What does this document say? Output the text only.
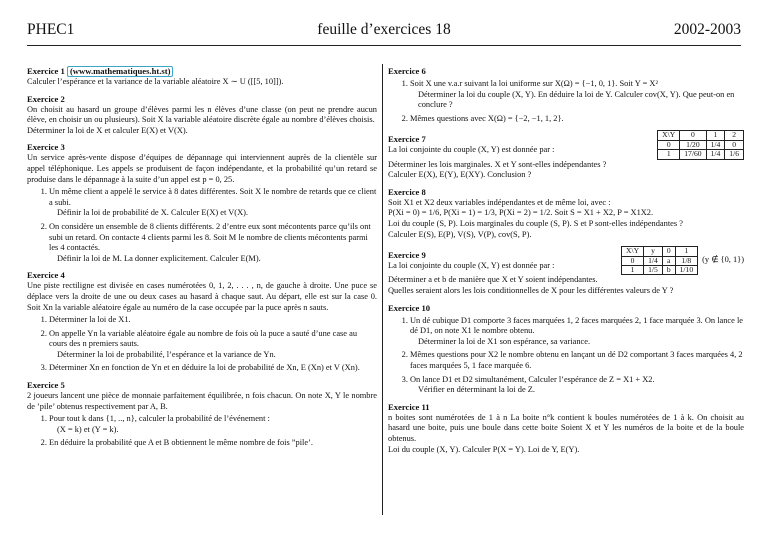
PHEC1	feuille d’exercices 18	2002-2003
Exercice 1 (www.mathematiques.ht.st)

Calculer l’espérance et la variance de la variable aléatoire X ∼ U ([[5, 10]]).

Exercice 2

On choisit au hasard un groupe d’élèves parmi les n élèves d’une classe (on peut ne prendre aucun élève, en choisir un ou plusieurs). Soit X la variable aléatoire discrète égale au nombre d’élèves choisis.

Déterminer la loi de X et calculer E(X) et V(X).

Exercice 3

Un service après-vente dispose d’équipes de dépannage qui interviennent auprès de la clientèle sur appel téléphonique. Les appels se produisent de façon indépendante, et la probabilité qu’un retard se produise dans le dépannage à la suite d’un appel est p = 0, 25.

1. Un même client a appelé le service à 8 dates différentes. Soit X le nombre de retards que ce client a subi.
Définir la loi de probabilité de X. Calculer E(X) et V(X).
2. On considère un ensemble de 8 clients différents. 2 d’entre eux sont mécontents parce qu’ils ont subi un retard. On contacte 4 clients parmi les 8. Soit M le nombre de clients mécontents parmi les 4 contactés.
Définir la loi de M. La donner explicitement. Calculer E(M).
Exercice 4

Une piste rectiligne est divisée en cases numérotées 0, 1, 2, . . . , n, de gauche à droite. Une puce se déplace vers la droite de une ou deux cases au hasard à chaque saut. Au départ, elle est sur la case 0. Soit Xn la variable aléatoire égale au numéro de la case occupée par la puce après n sauts.

1. Déterminer la loi de X1.
2. On appelle Yn la variable aléatoire égale au nombre de fois où la puce a sauté d’une case au cours des n premiers sauts.
Déterminer la loi de probabilité, l’espérance et la variance de Yn.
3. Déterminer Xn en fonction de Yn et en déduire la loi de probabilité de Xn, E (Xn) et V (Xn).
Exercice 5

2 joueurs lancent une pièce de monnaie parfaitement équilibrée, n fois chacun. On note X, Y le nombre de ’pile’ obtenus respectivement par A, B.

1. Pour tout k dans {1, .., n}, calculer la probabilité de l’événement :
(X = k) et (Y = k).
2. En déduire la probabilité que A et B obtiennent le même nombre de fois ”pile’.
Exercice 6
1. Soit X une v.a.r suivant la loi uniforme sur X(Ω) = {−1, 0, 1}. Soit Y = X²
Déterminer la loi du couple (X, Y). En déduire la loi de Y. Calculer cov(X, Y). Que peut-on en conclure ?
2. Mêmes questions avec X(Ω) = {−2, −1, 1, 2}.
Exercice 7

La loi conjointe du couple (X, Y) est donnée par :

X\Y	0	1	2
0	1/20	1/4	0
1	17/60	1/4	1/6

Déterminer les lois marginales. X et Y sont-elles indépendantes ?

Calculer E(X), E(Y), E(XY). Conclusion ?

Exercice 8

Soit X1 et X2 deux variables indépendantes et de même loi, avec :

P(Xi = 0) = 1/6, P(Xi = 1) = 1/3, P(Xi = 2) = 1/2. Soit S = X1 + X2, P = X1X2.

Loi du couple (S, P). Lois marginales du couple (S, P). S et P sont-elles indépendantes ?

Calculer E(S), E(P), V(S), V(P), cov(S, P).

Exercice 9

La loi conjointe du couple (X, Y) est donnée par :

X\Y	y	0	1
0	1/4	a	1/8
1	1/5	b	1/10
(y ∉ {0, 1})

Déterminer a et b de manière que X et Y soient indépendantes.

Quelles seraient alors les lois conditionnelles de X pour les différentes valeurs de Y ?

Exercice 10
1. Un dé cubique D1 comporte 3 faces marquées 1, 2 faces marquées 2, 1 face marquée 3. On lance le dé D1, on note X1 le nombre obtenu.
Déterminer la loi de X1 son espérance, sa variance.
2. Mêmes questions pour X2 le nombre obtenu en lançant un dé D2 comportant 3 faces marquées 4, 2 faces marquées 5, 1 face marquée 6.
3. On lance D1 et D2 simultanément, Calculer l’espérance de Z = X1 + X2.
Vérifier en déterminant la loi de Z.
Exercice 11

n boites sont numérotées de 1 à n La boite n°k contient k boules numérotées de 1 à k. On choisit au hasard une boite, puis une boule dans cette boite Soient X et Y les numéros de la boite et de la boule obtenus.

Loi du couple (X, Y). Calculer P(X = Y). Loi de Y, E(Y).
